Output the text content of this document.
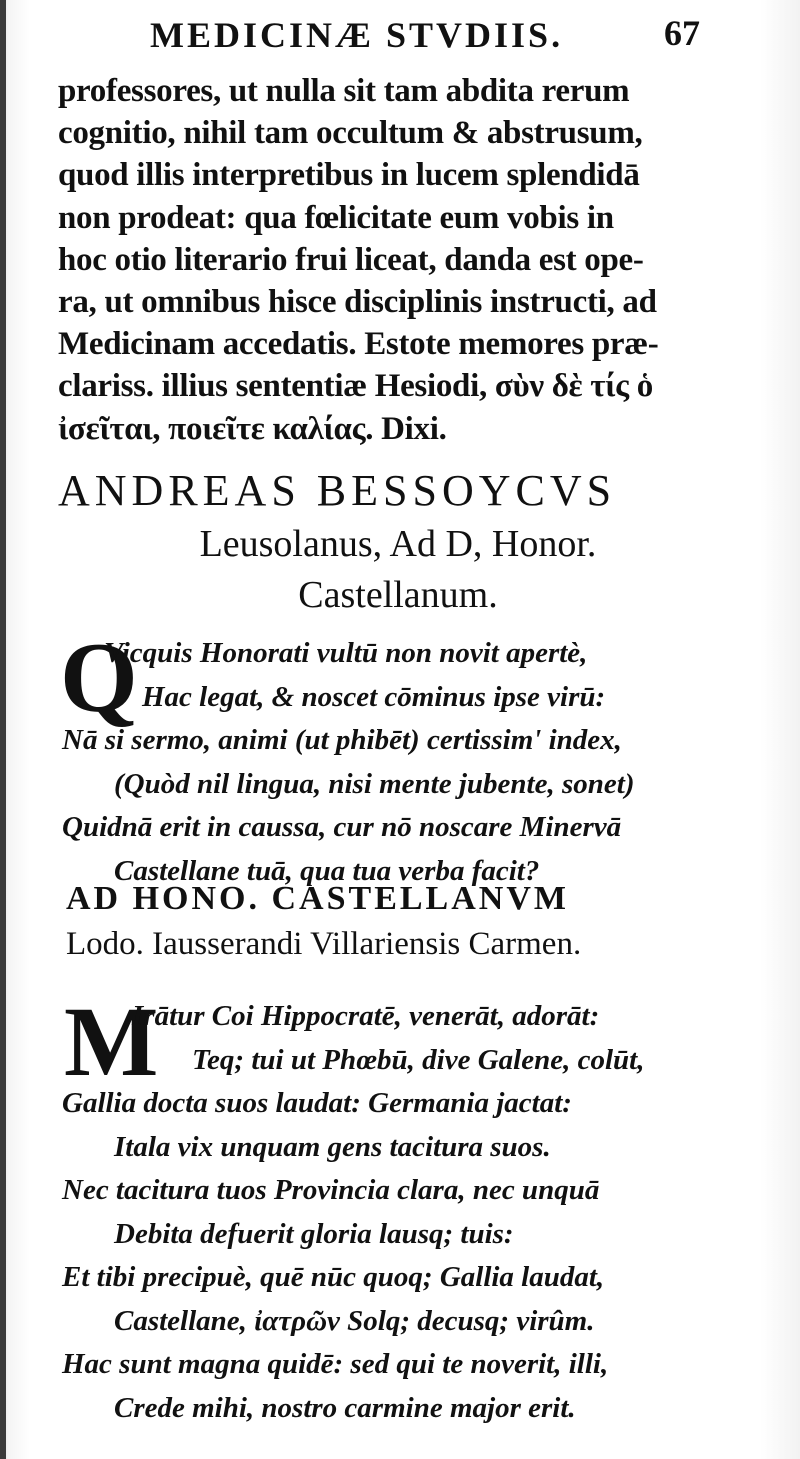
MEDICINÆ STVDIIS.	67
professores, ut nulla sit tam abdita rerum
cognitio, nihil tam occultum & abstrusum,
quod illis interpretibus in lucem splendidā
non prodeat: qua fœlicitate eum vobis in
hoc otio literario frui liceat, danda est ope-
ra, ut omnibus hisce disciplinis instructi, ad
Medicinam accedatis. Estote memores præ-
clariss. illius sententiæ Hesiodi, σὺν δὲ τίς ὁ
ἰσεῖται, ποιεῖτε καλίας. Dixi.
ANDREAS BESSOYCVS
Leusolanus, Ad D, Honor.
Castellanum.
Q
Vicquis Honorati vultū non novit apertè,
Hac legat, & noscet cōminus ipse virū:
Nā si sermo, animi (ut phibēt) certissim' index,
(Quòd nil lingua, nisi mente jubente, sonet)
Quidnā erit in caussa, cur nō noscare Minervā
Castellane tuā, qua tua verba facit?
AD HONO. CASTELLANVM
Lodo. Iausserandi Villariensis Carmen.
M
Irātur Coi Hippocratē, venerāt, adorāt:
Teq; tui ut Phœbū, dive Galene, colūt,
Gallia docta suos laudat: Germania jactat:
Itala vix unquam gens tacitura suos.
Nec tacitura tuos Provincia clara, nec unquā
Debita defuerit gloria lausq; tuis:
Et tibi precipuè, quē nūc quoq; Gallia laudat,
Castellane, ἰατρῶν Solq; decusq; virûm.
Hac sunt magna quidē: sed qui te noverit, illi,
Crede mihi, nostro carmine major erit.
